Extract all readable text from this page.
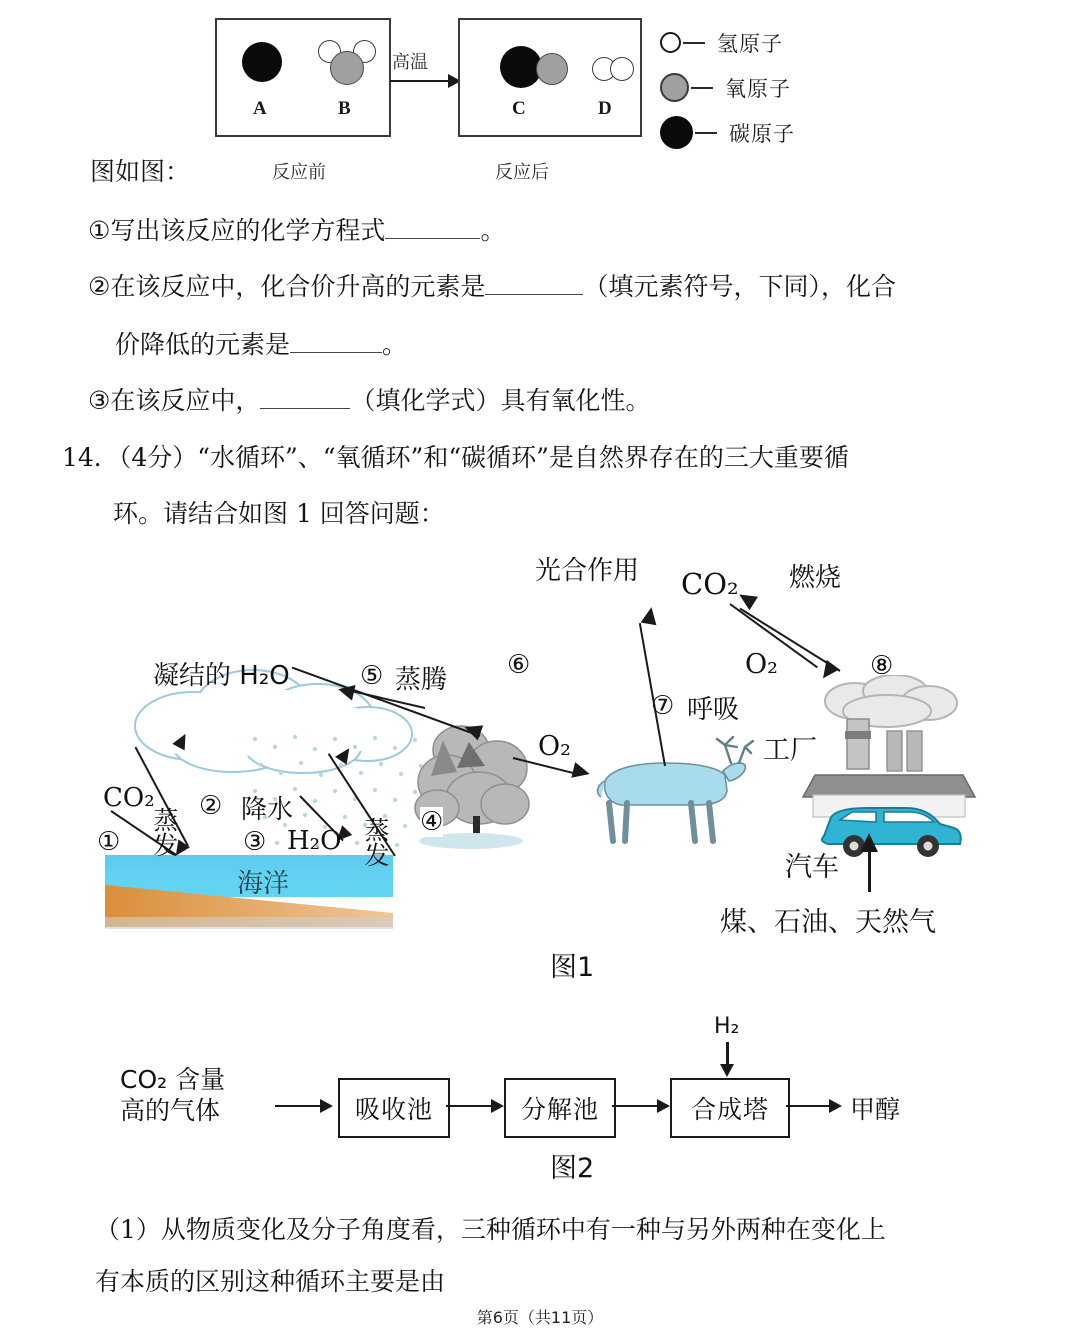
A	B
高温
C	D
反应前	反应后
氢原子
氧原子
碳原子
图如图：
①写出该反应的化学方程式	。
②在该反应中，化合价升高的元素是	（填元素符号，下同），化合
价降低的元素是	。
③在该反应中，	（填化学式）具有氧化性。
14．（4分）“水循环”、“氧循环”和“碳循环”是自然界存在的三大重要循
环。请结合如图 1 回答问题：
凝结的 H₂O	⑤ 蒸腾
CO₂
① 蒸发
② 降水
③ H₂O 蒸发 ④
海洋
光合作用
⑥
CO₂ 燃烧
⑧
⑦ 呼吸
O₂
O₂	工厂
汽车
煤、石油、天然气
图1
CO₂ 含量
高的气体	吸收池	分解池	合成塔
H₂
甲醇
图2
（1）从物质变化及分子角度看，三种循环中有一种与另外两种在变化上
有本质的区别这种循环主要是由
第6页（共11页）
